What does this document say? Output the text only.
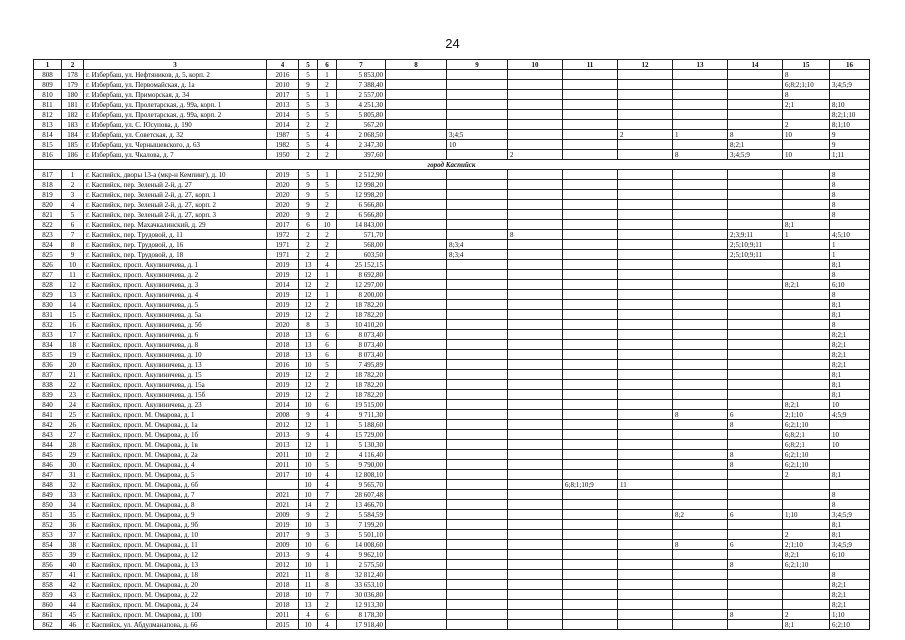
24
1	2	3	4	5	6	7	8	9	10	11	12	13	14	15	16
808	178	г. Избербаш, ул. Нефтяников, д. 5, корп. 2	2016	5	1	5 853,00								8	
809	179	г. Избербаш, ул. Первомайская, д. 1а	2010	9	2	7 388,40								6;8;2;1;10	3;4;5;9
810	180	г. Избербаш, ул. Приморская, д. 34	2017	5	1	2 557,00								8	
811	181	г. Избербаш, ул. Пролетарская, д. 99а, корп. 1	2013	5	3	4 251,30								2;1	8;10
812	182	г. Избербаш, ул. Пролетарская, д. 99а, корп. 2	2014	5	5	5 805,80									8;2;1;10
813	183	г. Избербаш, ул. С. Юсупова, д. 190	2014	2	2	567,20								2	8;1;10
814	184	г. Избербаш, ул. Советская, д. 32	1987	5	4	2 068,50		3;4;5			2	1	8	10	9
815	185	г. Избербаш, ул. Чернышевского, д. 63	1982	5	4	2 347,30		10					8;2;1		9
816	186	г. Избербаш, ул. Чкалова, д. 7	1950	2	2	397,60			2			8	3;4;5;9	10	1;11
город Каспийск															
817	1	г. Каспийск, дворы 13-а (мкр-н Кемпинг), д. 10	2019	5	1	2 512,90									8
818	2	г. Каспийск, пер. Зеленый 2-й, д. 27	2020	9	5	12 998,20									8
819	3	г. Каспийск, пер. Зеленый 2-й, д. 27, корп. 1	2020	9	5	12 998,20									8
820	4	г. Каспийск, пер. Зеленый 2-й, д. 27, корп. 2	2020	9	2	6 566,80									8
821	5	г. Каспийск, пер. Зеленый 2-й, д. 27, корп. 3	2020	9	2	6 566,80									8
822	6	г. Каспийск, пер. Махачкалинский, д. 29	2017	6	10	14 843,00								8;1	
823	7	г. Каспийск, пер. Трудовой, д. 11	1972	2	2	571,70			8				2;3;9;11	1	4;5;10
824	8	г. Каспийск, пер. Трудовой, д. 16	1971	2	2	568,00		8;3;4					2;5;10;9;11		1
825	9	г. Каспийск, пер. Трудовой, д. 18	1971	2	2	603,50		8;3;4					2;5;10;9;11		1
826	10	г. Каспийск, просп. Акулиничева, д. 1	2019	13	4	25 152,15									8;1
827	11	г. Каспийск, просп. Акулиничева, д. 2	2019	12	1	8 692,80									8
828	12	г. Каспийск, просп. Акулиничева, д. 3	2014	12	2	12 297,00								8;2;1	6;10
829	13	г. Каспийск, просп. Акулиничева, д. 4	2019	12	1	8 200,00									8
830	14	г. Каспийск, просп. Акулиничева, д. 5	2019	12	2	18 782,20									8;1
831	15	г. Каспийск, просп. Акулиничева, д. 5а	2019	12	2	18 782,20									8;1
832	16	г. Каспийск, просп. Акулиничева, д. 5б	2020	8	3	10 410,20									8
833	17	г. Каспийск, просп. Акулиничева, д. 6	2018	13	6	8 073,40									8;2;1
834	18	г. Каспийск, просп. Акулиничева, д. 8	2018	13	6	8 073,40									8;2;1
835	19	г. Каспийск, просп. Акулиничева, д. 10	2018	13	6	8 073,40									8;2;1
836	20	г. Каспийск, просп. Акулиничева, д. 13	2016	10	5	7 495,89									8;2;1
837	21	г. Каспийск, просп. Акулиничева, д. 15	2019	12	2	18 782,20									8;1
838	22	г. Каспийск, просп. Акулиничева, д. 15а	2019	12	2	18 782,20									8;1
839	23	г. Каспийск, просп. Акулиничева, д. 15б	2019	12	2	18 782,20									8;1
840	24	г. Каспийск, просп. Акулиничева, д. 23	2014	10	6	19 515,00								8;2;1	10
841	25	г. Каспийск, просп. М. Омарова, д. 1	2008	9	4	9 711,30						8	6	2;1;10	4;5;9
842	26	г. Каспийск, просп. М. Омарова, д. 1а	2012	12	1	5 188,60							8	6;2;1;10	
843	27	г. Каспийск, просп. М. Омарова, д. 1б	2013	9	4	15 729,00								6;8;2;1	10
844	28	г. Каспийск, просп. М. Омарова, д. 1в	2013	12	1	5 130,30								6;8;2;1	10
845	29	г. Каспийск, просп. М. Омарова, д. 2а	2011	10	2	4 116,40							8	6;2;1;10	
846	30	г. Каспийск, просп. М. Омарова, д. 4	2011	10	5	9 790,00							8	6;2;1;10	
847	31	г. Каспийск, просп. М. Омарова, д. 5	2017	10	4	12 808,10								2	8;1
848	32	г. Каспийск, просп. М. Омарова, д. 6б		10	4	9 565,70				6;8;1;10;9	11				
849	33	г. Каспийск, просп. М. Омарова, д. 7	2021	10	7	28 607,48									8
850	34	г. Каспийск, просп. М. Омарова, д. 8	2021	14	2	13 466,70									8
851	35	г. Каспийск, просп. М. Омарова, д. 9	2009	9	2	5 584,59						8;2	6	1;10	3;4;5;9
852	36	г. Каспийск, просп. М. Омарова, д. 9б	2019	10	3	7 199,20									8;1
853	37	г. Каспийск, просп. М. Омарова, д. 10	2017	9	3	5 501,10								2	8;1
854	38	г. Каспийск, просп. М. Омарова, д. 11	2009	10	6	14 008,60						8	6	2;1;10	3;4;5;9
855	39	г. Каспийск, просп. М. Омарова, д. 12	2013	9	4	9 962,10								8;2;1	6;10
856	40	г. Каспийск, просп. М. Омарова, д. 13	2012	10	1	2 575,50							8	6;2;1;10	
857	41	г. Каспийск, просп. М. Омарова, д. 18	2021	11	8	32 812,40									8
858	42	г. Каспийск, просп. М. Омарова, д. 20	2018	11	8	33 653,10									8;2;1
859	43	г. Каспийск, просп. М. Омарова, д. 22	2018	10	7	30 036,80									8;2;1
860	44	г. Каспийск, просп. М. Омарова, д. 24	2018	13	2	12 913,30									8;2;1
861	45	г. Каспийск, просп. М. Омарова, д. 100	2011	4	6	8 178,30							8	2	1;10
862	46	г. Каспийск, ул. Абдулманапова, д. 66	2015	10	4	17 918,40								8;1	6;2;10
